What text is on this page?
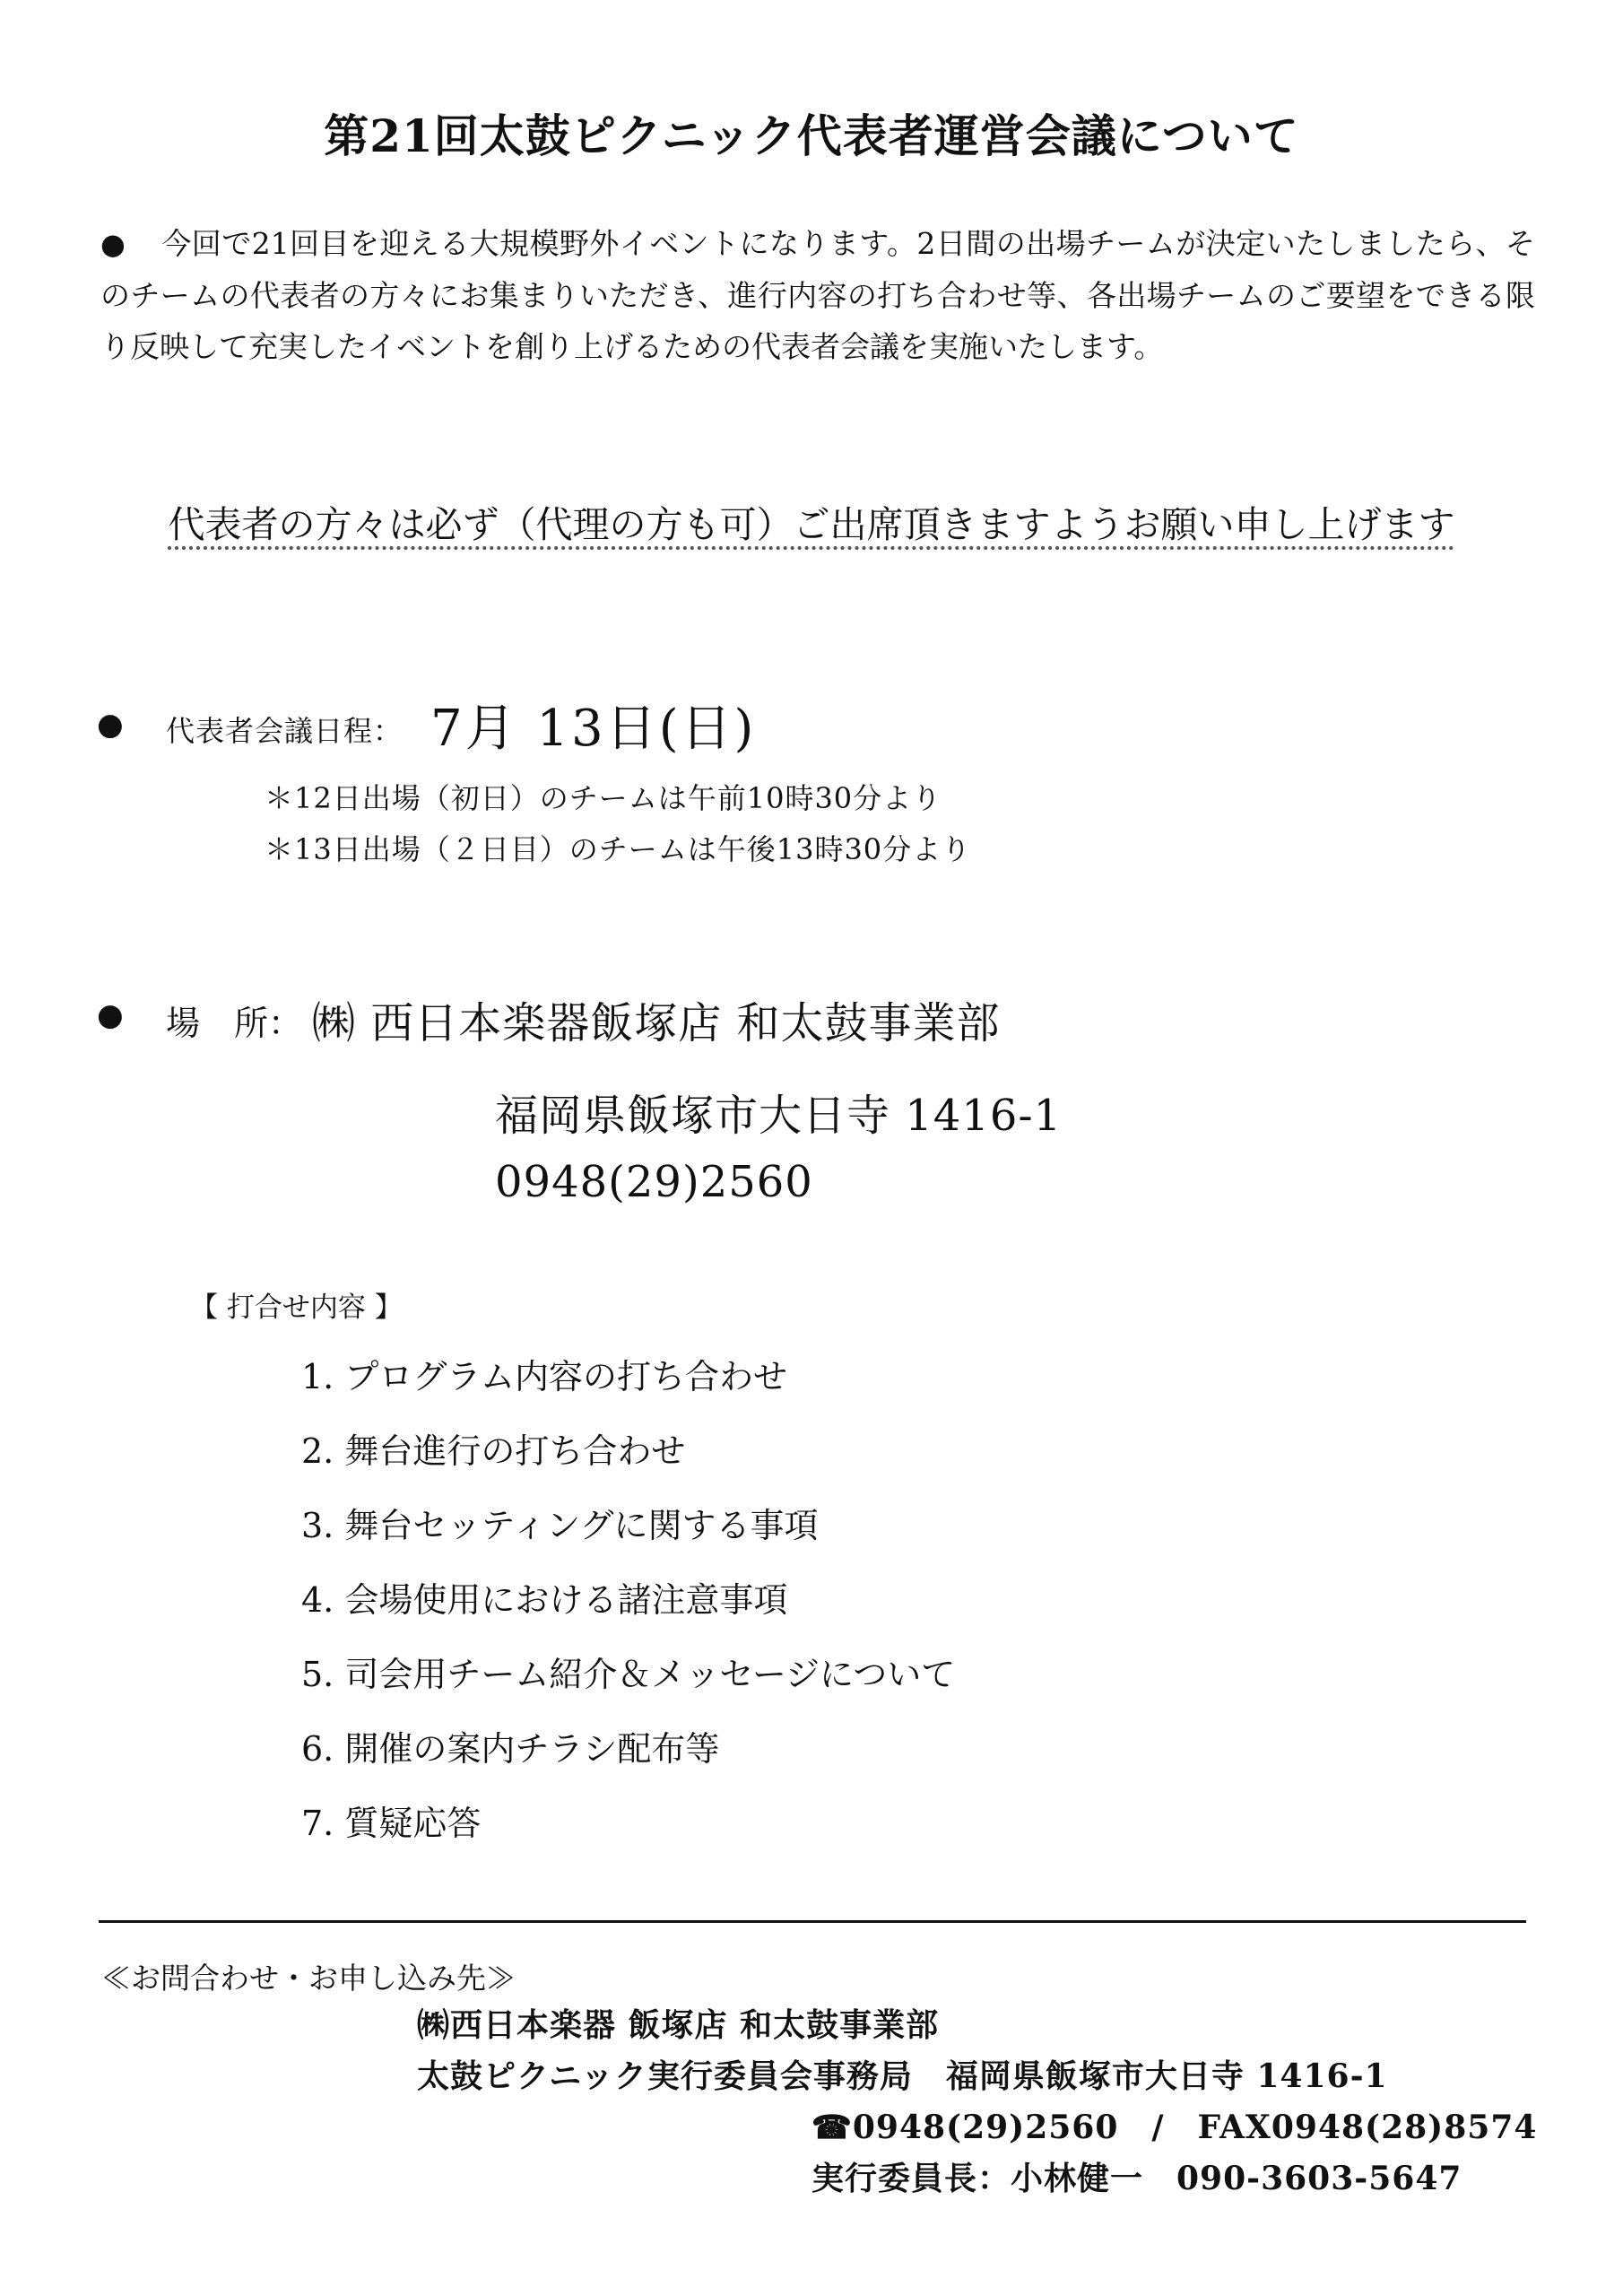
第21回太鼓ピクニック代表者運営会議について
● 今回で21回目を迎える大規模野外イベントになります。2日間の出場チームが決定いたしましたら、そのチームの代表者の方々にお集まりいただき、進行内容の打ち合わせ等、各出場チームのご要望をできる限り反映して充実したイベントを創り上げるための代表者会議を実施いたします。
代表者の方々は必ず（代理の方も可）ご出席頂きますようお願い申し上げます
● 代表者会議日程： 7月 13日(日)
＊12日出場（初日）のチームは午前10時30分より
＊13日出場（２日目）のチームは午後13時30分より
● 場　所： ㈱ 西日本楽器飯塚店 和太鼓事業部
福岡県飯塚市大日寺 1416-1
0948(29)2560
【 打合せ内容 】
1. プログラム内容の打ち合わせ
2. 舞台進行の打ち合わせ
3. 舞台セッティングに関する事項
4. 会場使用における諸注意事項
5. 司会用チーム紹介＆メッセージについて
6. 開催の案内チラシ配布等
7. 質疑応答
≪お問合わせ・お申し込み先≫
㈱西日本楽器 飯塚店 和太鼓事業部
太鼓ピクニック実行委員会事務局　福岡県飯塚市大日寺 1416-1
☎0948(29)2560　/　FAX0948(28)8574
実行委員長：小林健一　090-3603-5647
